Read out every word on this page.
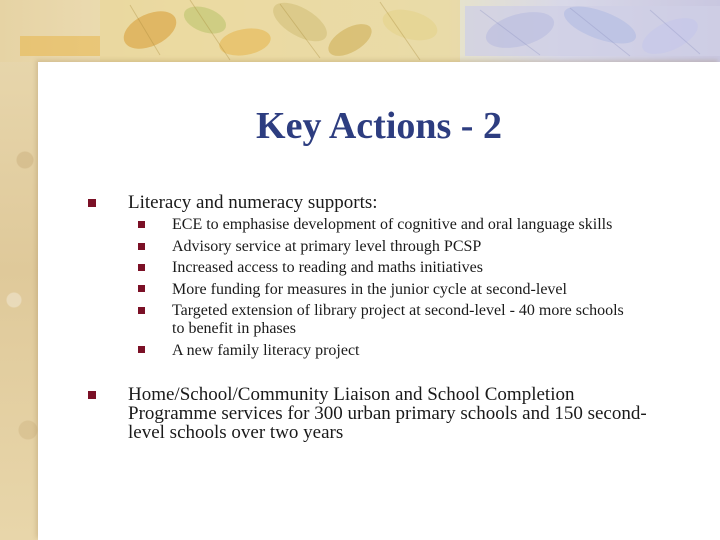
Key Actions - 2

Literacy and numeracy supports:

ECE to emphasise development of cognitive and oral language skills

Advisory service at primary level through PCSP

Increased access to reading and maths initiatives

More funding for measures in the junior cycle at second-level

Targeted extension of library project at second-level - 40 more schools

to benefit in phases

A new family literacy project

Home/School/Community Liaison and School Completion

Programme services for 300 urban primary schools and 150 second-

level schools over two years
